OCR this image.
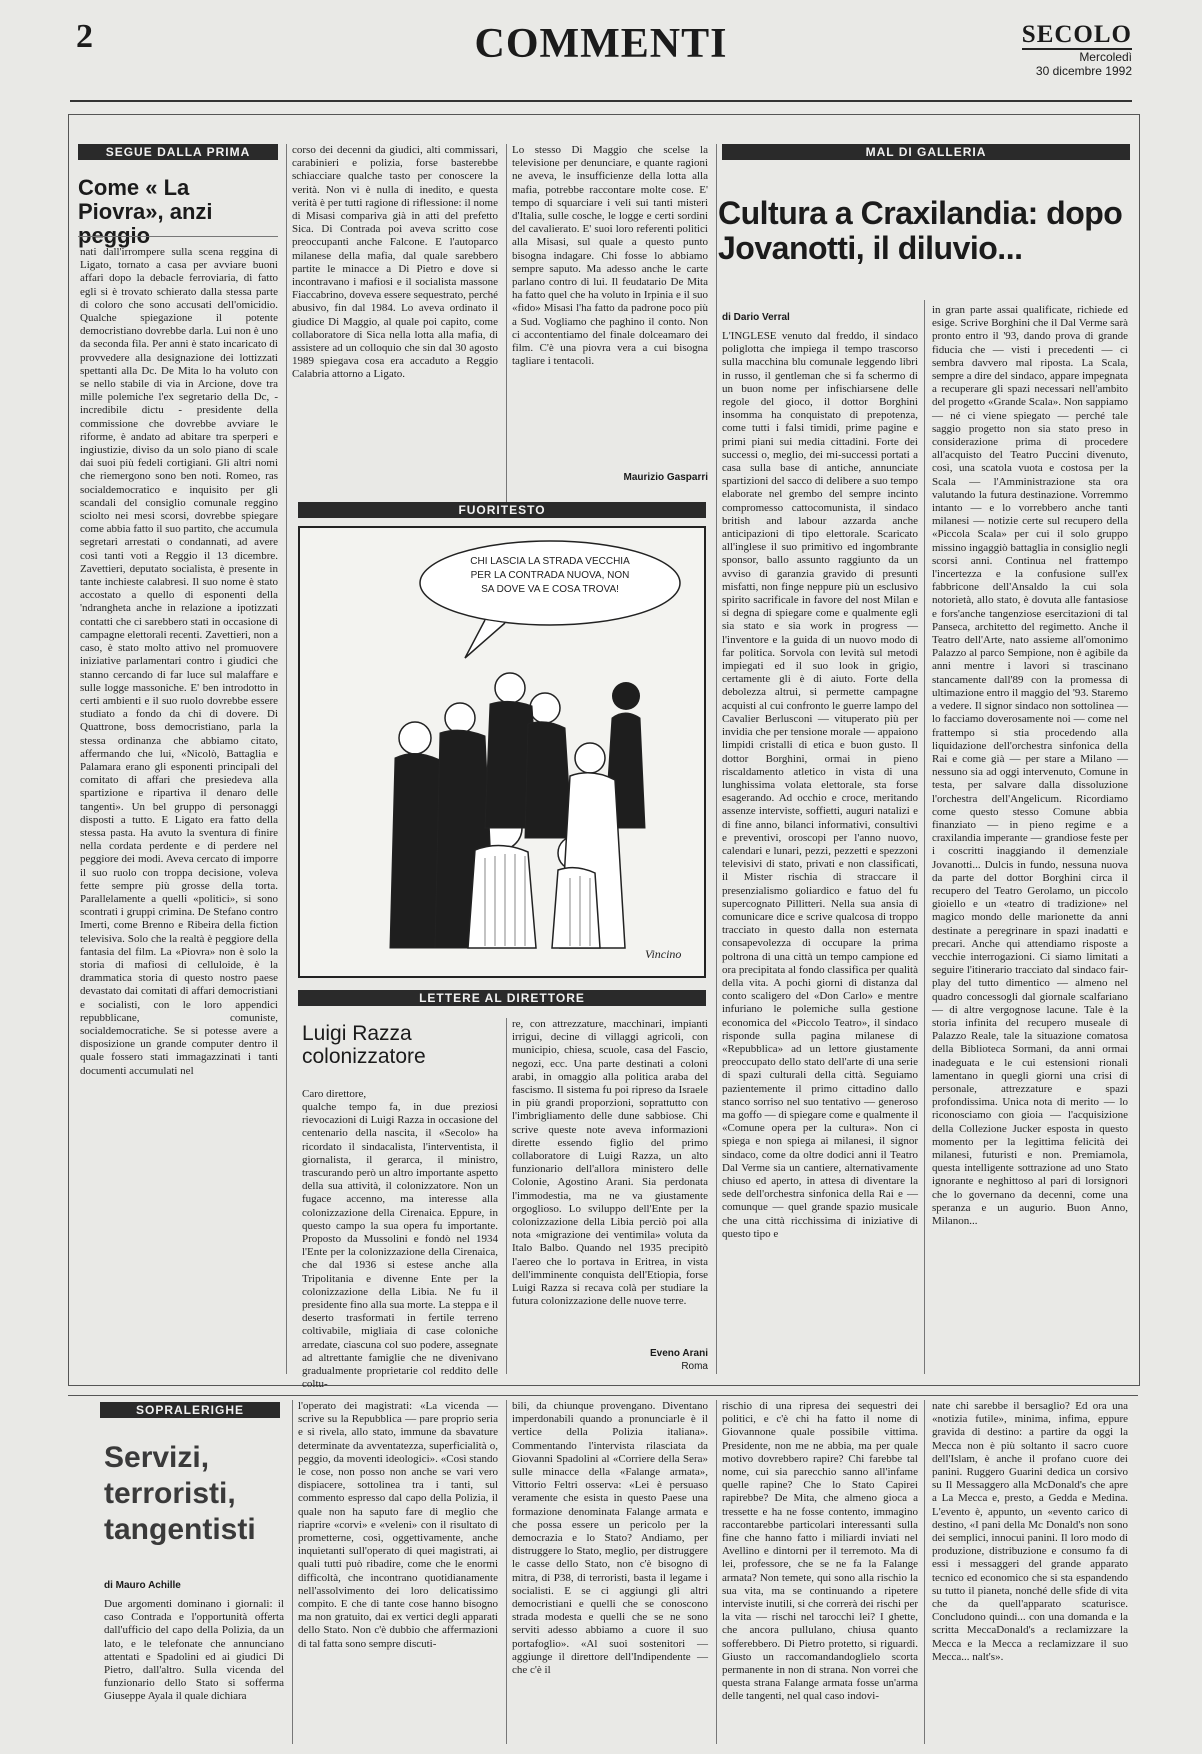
2	COMMENTI	SECOLO
Mercoledì
30 dicembre 1992
SEGUE DALLA PRIMA
Come « La Piovra», anzi peggio
nati dall'irrompere sulla scena reggina di Ligato, tornato a casa per avviare buoni affari dopo la debacle ferroviaria, di fatto egli si è trovato schierato dalla stessa parte di coloro che sono accusati dell'omicidio. Qualche spiegazione il potente democristiano dovrebbe darla. Lui non è uno da seconda fila. Per anni è stato incaricato di provvedere alla designazione dei lottizzati spettanti alla Dc. De Mita lo ha voluto con se nello stabile di via in Arcione, dove tra mille polemiche l'ex segretario della Dc, - incredibile dictu - presidente della commissione che dovrebbe avviare le riforme, è andato ad abitare tra sperperi e ingiustizie, diviso da un solo piano di scale dai suoi più fedeli cortigiani. Gli altri nomi che riemergono sono ben noti. Romeo, ras socialdemocratico e inquisito per gli scandali del consiglio comunale reggino sciolto nei mesi scorsi, dovrebbe spiegare come abbia fatto il suo partito, che accumula segretari arrestati o condannati, ad avere così tanti voti a Reggio il 13 dicembre. Zavettieri, deputato socialista, è presente in tante inchieste calabresi. Il suo nome è stato accostato a quello di esponenti della 'ndrangheta anche in relazione a ipotizzati contatti che ci sarebbero stati in occasione di campagne elettorali recenti. Zavettieri, non a caso, è stato molto attivo nel promuovere iniziative parlamentari contro i giudici che stanno cercando di far luce sul malaffare e sulle logge massoniche. E' ben introdotto in certi ambienti e il suo ruolo dovrebbe essere studiato a fondo da chi di dovere. Di Quattrone, boss democristiano, parla la stessa ordinanza che abbiamo citato, affermando che lui, «Nicolò, Battaglia e Palamara erano gli esponenti principali del comitato di affari che presiedeva alla spartizione e ripartiva il denaro delle tangenti». Un bel gruppo di personaggi disposti a tutto. E Ligato era fatto della stessa pasta. Ha avuto la sventura di finire nella cordata perdente e di perdere nel peggiore dei modi. Aveva cercato di imporre il suo ruolo con troppa decisione, voleva fette sempre più grosse della torta. Parallelamente a quelli «politici», si sono scontrati i gruppi crimina. De Stefano contro Imerti, come Brenno e Ribeira della fiction televisiva. Solo che la realtà è peggiore della fantasia del film. La «Piovra» non è solo la storia di mafiosi di celluloide, è la drammatica storia di questo nostro paese devastato dai comitati di affari democristiani e socialisti, con le loro appendici repubblicane, comuniste, socialdemocratiche. Se si potesse avere a disposizione un grande computer dentro il quale fossero stati immagazzinati i tanti documenti accumulati nel
corso dei decenni da giudici, alti commissari, carabinieri e polizia, forse basterebbe schiacciare qualche tasto per conoscere la verità. Non vi è nulla di inedito, e questa verità è per tutti ragione di riflessione: il nome di Misasi compariva già in atti del prefetto Sica. Di Contrada poi aveva scritto cose preoccupanti anche Falcone. E l'autoparco milanese della mafia, dal quale sarebbero partite le minacce a Di Pietro e dove si incontravano i mafiosi e il socialista massone Fiaccabrino, doveva essere sequestrato, perché abusivo, fin dal 1984. Lo aveva ordinato il giudice Di Maggio, al quale poi capito, come collaboratore di Sica nella lotta alla mafia, di assistere ad un colloquio che sin dal 30 agosto 1989 spiegava cosa era accaduto a Reggio Calabria attorno a Ligato.
Lo stesso Di Maggio che scelse la televisione per denunciare, e quante ragioni ne aveva, le insufficienze della lotta alla mafia, potrebbe raccontare molte cose. E' tempo di squarciare i veli sui tanti misteri d'Italia, sulle cosche, le logge e certi sordini del cavalierato. E' suoi loro referenti politici alla Misasi, sul quale a questo punto bisogna indagare. Chi fosse lo abbiamo sempre saputo. Ma adesso anche le carte parlano contro di lui. Il feudatario De Mita ha fatto quel che ha voluto in Irpinia e il suo «fido» Misasi l'ha fatto da padrone poco più a Sud. Vogliamo che paghino il conto. Non ci accontentiamo del finale dolceamaro dei film. C'è una piovra vera a cui bisogna tagliare i tentacoli.
Maurizio Gasparri
FUORITESTO
CHI LASCIA LA STRADA VECCHIA
PER LA CONTRADA NUOVA, NON
SA DOVE VA E COSA TROVA!
Vincino
LETTERE AL DIRETTORE
Luigi Razza colonizzatore
Caro direttore,
qualche tempo fa, in due preziosi rievocazioni di Luigi Razza in occasione del centenario della nascita, il «Secolo» ha ricordato il sindacalista, l'interventista, il giornalista, il gerarca, il ministro, trascurando però un altro importante aspetto della sua attività, il colonizzatore. Non un fugace accenno, ma interesse alla colonizzazione della Cirenaica. Eppure, in questo campo la sua opera fu importante. Proposto da Mussolini e fondò nel 1934 l'Ente per la colonizzazione della Cirenaica, che dal 1936 si estese anche alla Tripolitania e divenne Ente per la colonizzazione della Libia. Ne fu il presidente fino alla sua morte. La steppa e il deserto trasformati in fertile terreno coltivabile, migliaia di case coloniche arredate, ciascuna col suo podere, assegnate ad altrettante famiglie che ne divenivano gradualmente proprietarie col reddito delle coltu-
re, con attrezzature, macchinari, impianti irrigui, decine di villaggi agricoli, con municipio, chiesa, scuole, casa del Fascio, negozi, ecc. Una parte destinati a coloni arabi, in omaggio alla politica araba del fascismo. Il sistema fu poi ripreso da Israele in più grandi proporzioni, soprattutto con l'imbrigliamento delle dune sabbiose. Chi scrive queste note aveva informazioni dirette essendo figlio del primo collaboratore di Luigi Razza, un alto funzionario dell'allora ministero delle Colonie, Agostino Arani. Sia perdonata l'immodestia, ma ne va giustamente orgoglioso. Lo sviluppo dell'Ente per la colonizzazione della Libia perciò poi alla nota «migrazione dei ventimila» voluta da Italo Balbo. Quando nel 1935 precipitò l'aereo che lo portava in Eritrea, in vista dell'imminente conquista dell'Etiopia, forse Luigi Razza si recava colà per studiare la futura colonizzazione delle nuove terre.
Eveno Arani
Roma
MAL DI GALLERIA
Cultura a Craxilandia: dopo Jovanotti, il diluvio...
di Dario Verral
L'INGLESE venuto dal freddo, il sindaco poliglotta che impiega il tempo trascorso sulla macchina blu comunale leggendo libri in russo, il gentleman che si fa schermo di un buon nome per infischiarsene delle regole del gioco, il dottor Borghini insomma ha conquistato di prepotenza, come tutti i falsi timidi, prime pagine e primi piani sui media cittadini. Forte dei successi o, meglio, dei mi-successi portati a casa sulla base di antiche, annunciate spartizioni del sacco di delibere a suo tempo elaborate nel grembo del sempre incinto compromesso cattocomunista, il sindaco british and labour azzarda anche anticipazioni di tipo elettorale. Scaricato all'inglese il suo primitivo ed ingombrante sponsor, ballo assunto raggiunto da un avviso di garanzia gravido di presunti misfatti, non finge neppure più un esclusivo spirito sacrificale in favore del nost Milan e si degna di spiegare come e qualmente egli sia stato e sia work in progress — l'inventore e la guida di un nuovo modo di far politica. Sorvola con levità sul metodi impiegati ed il suo look in grigio, certamente gli è di aiuto. Forte della debolezza altrui, si permette campagne acquisti al cui confronto le guerre lampo del Cavalier Berlusconi — vituperato più per invidia che per tensione morale — appaiono limpidi cristalli di etica e buon gusto. Il dottor Borghini, ormai in pieno riscaldamento atletico in vista di una lunghissima volata elettorale, sta forse esagerando. Ad occhio e croce, meritando assenze interviste, soffietti, auguri natalizi e di fine anno, bilanci informativi, consultivi e preventivi, oroscopi per l'anno nuovo, calendari e lunari, pezzi, pezzetti e spezzoni televisivi di stato, privati e non classificati, il Mister rischia di straccare il presenzialismo goliardico e fatuo del fu supercognato Pillitteri. Nella sua ansia di comunicare dice e scrive qualcosa di troppo tracciato in questo dalla non esternata consapevolezza di occupare la prima poltrona di una città un tempo campione ed ora precipitata al fondo classifica per qualità della vita. A pochi giorni di distanza dal conto scaligero del «Don Carlo» e mentre infuriano le polemiche sulla gestione economica del «Piccolo Teatro», il sindaco risponde sulla pagina milanese di «Repubblica» ad un lettore giustamente preoccupato dello stato dell'arte di una serie di spazi culturali della città. Seguiamo pazientemente il primo cittadino dallo stanco sorriso nel suo tentativo — generoso ma goffo — di spiegare come e qualmente il «Comune opera per la cultura». Non ci spiega e non spiega ai milanesi, il signor sindaco, come da oltre dodici anni il Teatro Dal Verme sia un cantiere, alternativamente chiuso ed aperto, in attesa di diventare la sede dell'orchestra sinfonica della Rai e — comunque — quel grande spazio musicale che una città ricchissima di iniziative di questo tipo e
in gran parte assai qualificate, richiede ed esige. Scrive Borghini che il Dal Verme sarà pronto entro il '93, dando prova di grande fiducia che — visti i precedenti — ci sembra davvero mal riposta. La Scala, sempre a dire del sindaco, appare impegnata a recuperare gli spazi necessari nell'ambito del progetto «Grande Scala». Non sappiamo — né ci viene spiegato — perché tale saggio progetto non sia stato preso in considerazione prima di procedere all'acquisto del Teatro Puccini divenuto, così, una scatola vuota e costosa per la Scala — l'Amministrazione sta ora valutando la futura destinazione. Vorremmo intanto — e lo vorrebbero anche tanti milanesi — notizie certe sul recupero della «Piccola Scala» per cui il solo gruppo missino ingaggiò battaglia in consiglio negli scorsi anni. Continua nel frattempo l'incertezza e la confusione sull'ex fabbricone dell'Ansaldo la cui sola notorietà, allo stato, è dovuta alle fantasiose e fors'anche tangenziose esercitazioni di tal Panseca, architetto del regimetto. Anche il Teatro dell'Arte, nato assieme all'omonimo Palazzo al parco Sempione, non è agibile da anni mentre i lavori si trascinano stancamente dall'89 con la promessa di ultimazione entro il maggio del '93. Staremo a vedere. Il signor sindaco non sottolinea — lo facciamo doverosamente noi — come nel frattempo si stia procedendo alla liquidazione dell'orchestra sinfonica della Rai e come già — per stare a Milano — nessuno sia ad oggi intervenuto, Comune in testa, per salvare dalla dissoluzione l'orchestra dell'Angelicum. Ricordiamo come questo stesso Comune abbia finanziato — in pieno regime e a craxilandia imperante — grandiose feste per i coscritti inaggiando il demenziale Jovanotti... Dulcis in fundo, nessuna nuova da parte del dottor Borghini circa il recupero del Teatro Gerolamo, un piccolo gioiello e un «teatro di tradizione» nel magico mondo delle marionette da anni destinate a peregrinare in spazi inadatti e precari. Anche qui attendiamo risposte a vecchie interrogazioni. Ci siamo limitati a seguire l'itinerario tracciato dal sindaco fair-play del tutto dimentico — almeno nel quadro concessogli dal giornale scalfariano — di altre vergognose lacune. Tale è la storia infinita del recupero museale di Palazzo Reale, tale la situazione comatosa della Biblioteca Sormani, da anni ormai inadeguata e le cui estensioni rionali lamentano in quegli giorni una crisi di personale, attrezzature e spazi profondissima. Unica nota di merito — lo riconosciamo con gioia — l'acquisizione della Collezione Jucker esposta in questo momento per la legittima felicità dei milanesi, futuristi e non. Premiamola, questa intelligente sottrazione ad uno Stato ignorante e neghittoso al pari di lorsignori che lo governano da decenni, come una speranza e un augurio. Buon Anno, Milanon...
SOPRALERIGHE
Servizi, terroristi, tangentisti
di Mauro Achille
Due argomenti dominano i giornali: il caso Contrada e l'opportunità offerta dall'ufficio del capo della Polizia, da un lato, e le telefonate che annunciano attentati e Spadolini ed ai giudici Di Pietro, dall'altro. Sulla vicenda del funzionario dello Stato si sofferma Giuseppe Ayala il quale dichiara
l'operato dei magistrati: «La vicenda — scrive su la Repubblica — pare proprio seria e si rivela, allo stato, immune da sbavature determinate da avventatezza, superficialità o, peggio, da moventi ideologici». «Così stando le cose, non posso non anche se vari vero dispiacere, sottolinea tra i tanti, sul commento espresso dal capo della Polizia, il quale non ha saputo fare di meglio che riaprire «corvi» e «veleni» con il risultato di prometterne, così, oggettivamente, anche inquietanti sull'operato di quei magistrati, ai quali tutti può ribadire, come che le enormi difficoltà, che incontrano quotidianamente nell'assolvimento dei loro delicatissimo compito. E che di tante cose hanno bisogno ma non gratuito, dai ex vertici degli apparati dello Stato. Non c'è dubbio che affermazioni di tal fatta sono sempre discuti-
bili, da chiunque provengano. Diventano imperdonabili quando a pronunciarle è il vertice della Polizia italiana». Commentando l'intervista rilasciata da Giovanni Spadolini al «Corriere della Sera» sulle minacce della «Falange armata», Vittorio Feltri osserva: «Lei è persuaso veramente che esista in questo Paese una formazione denominata Falange armata e che possa essere un pericolo per la democrazia e lo Stato? Andiamo, per distruggere lo Stato, meglio, per distruggere le casse dello Stato, non c'è bisogno di mitra, di P38, di terroristi, basta il legame i socialisti. E se ci aggiungi gli altri democristiani e quelli che se conoscono strada modesta e quelli che se ne sono serviti adesso abbiamo a cuore il suo portafoglio». «Al suoi sostenitori — aggiunge il direttore dell'Indipendente — che c'è il
rischio di una ripresa dei sequestri dei politici, e c'è chi ha fatto il nome di Giovannone quale possibile vittima. Presidente, non me ne abbia, ma per quale motivo dovrebbero rapire? Chi farebbe tal nome, cui sia parecchio sanno all'infame quelle rapine? Che lo Stato Capirei rapirebbe? De Mita, che almeno gioca a tressette e ha ne fosse contento, immagino raccontarebbe particolari interessanti sulla fine che hanno fatto i miliardi inviati nel Avellino e dintorni per il terremoto. Ma di lei, professore, che se ne fa la Falange armata? Non temete, qui sono alla rischio la sua vita, ma se continuando a ripetere interviste inutili, si che correrà dei rischi per la vita — rischi nel tarocchi lei? I ghette, che ancora pullulano, chiusa quanto sofferebbero. Di Pietro protetto, si riguardi. Giusto un raccomandandoglielo scorta permanente in non di strana. Non vorrei che questa strana Falange armata fosse un'arma delle tangenti, nel qual caso indovi-
nate chi sarebbe il bersaglio? Ed ora una «notizia futile», minima, infima, eppure gravida di destino: a partire da oggi la Mecca non è più soltanto il sacro cuore dell'Islam, è anche il profano cuore dei panini. Ruggero Guarini dedica un corsivo su Il Messaggero alla McDonald's che apre a La Mecca e, presto, a Gedda e Medina. L'evento è, appunto, un «evento carico di destino, «I pani della Mc Donald's non sono dei semplici, innocui panini. Il loro modo di produzione, distribuzione e consumo fa di essi i messaggeri del grande apparato tecnico ed economico che si sta espandendo su tutto il pianeta, nonché delle sfide di vita che da quell'apparato scaturisce. Concludono quindi... con una domanda e la scritta MeccaDonald's a reclamizzare la Mecca e la Mecca a reclamizzare il suo Mecca... nalt's».
